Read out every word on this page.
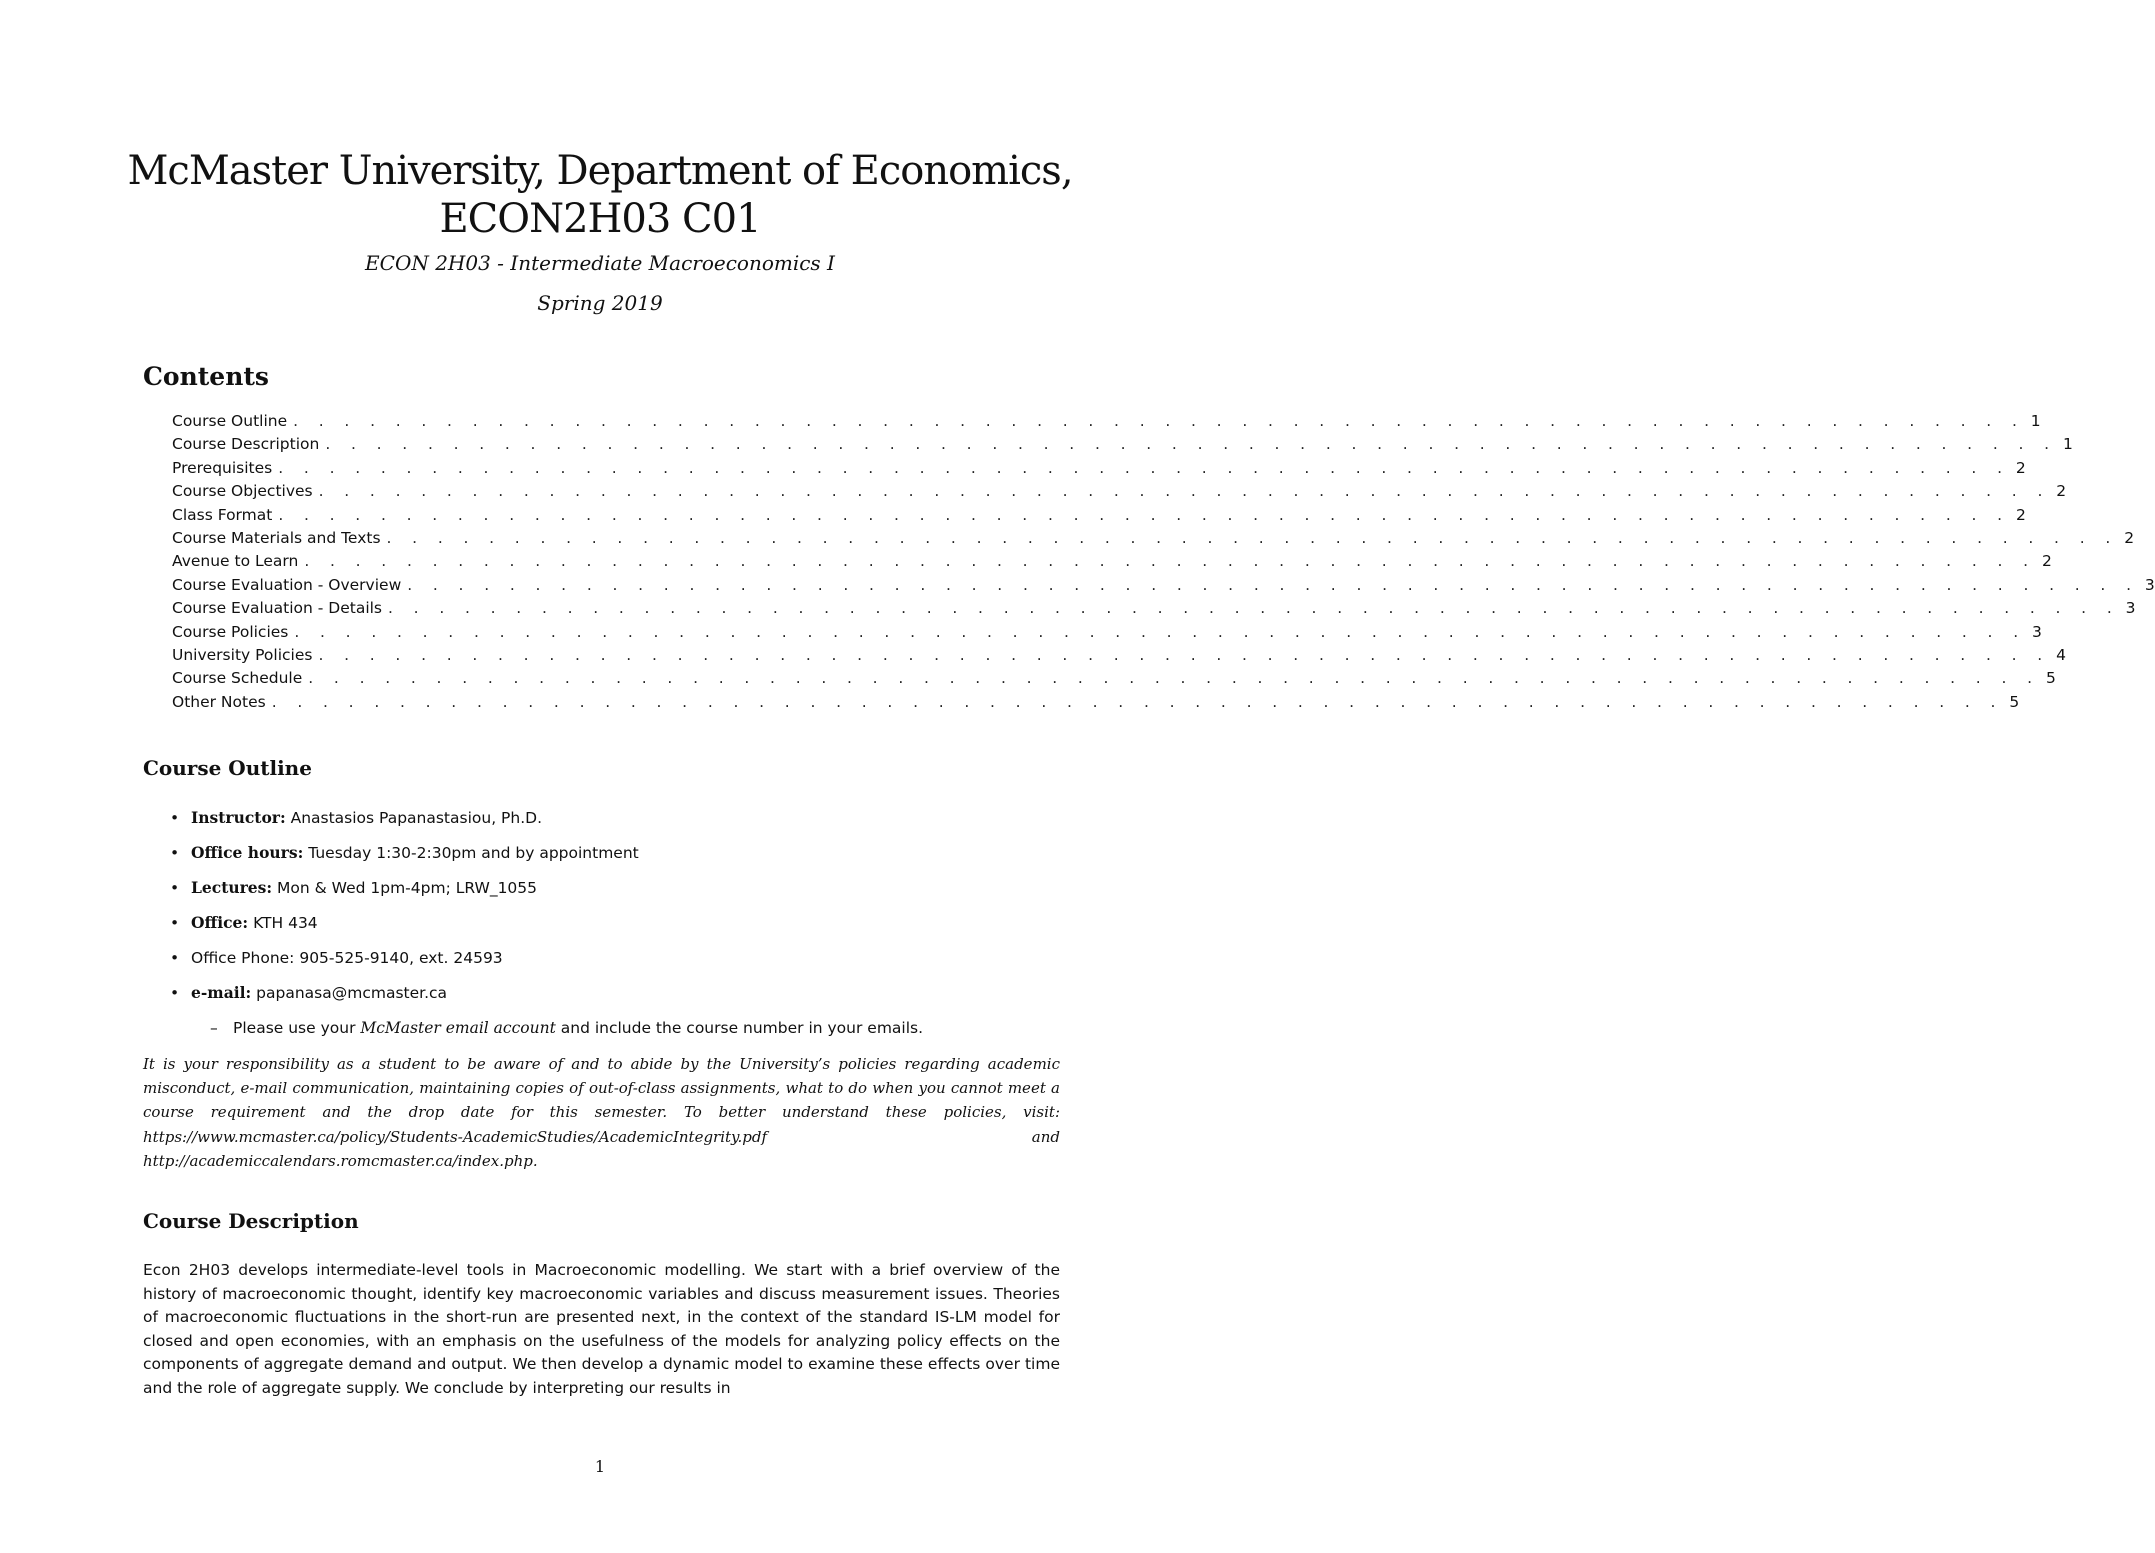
McMaster University, Department of Economics,
ECON2H03 C01
ECON 2H03 - Intermediate Macroeconomics I
Spring 2019
Contents
Course Outline . . . . . . . . . . . . . . . . . . . . . . . . . . . . . . . . . . . . . . . . . . . . . . . . . . . . . . . . . . . . . . . . . . . . 1
Course Description . . . . . . . . . . . . . . . . . . . . . . . . . . . . . . . . . . . . . . . . . . . . . . . . . . . . . . . . . . . . . . . . . . . . 1
Prerequisites . . . . . . . . . . . . . . . . . . . . . . . . . . . . . . . . . . . . . . . . . . . . . . . . . . . . . . . . . . . . . . . . . . . . 2
Course Objectives . . . . . . . . . . . . . . . . . . . . . . . . . . . . . . . . . . . . . . . . . . . . . . . . . . . . . . . . . . . . . . . . . . . . 2
Class Format . . . . . . . . . . . . . . . . . . . . . . . . . . . . . . . . . . . . . . . . . . . . . . . . . . . . . . . . . . . . . . . . . . . . 2
Course Materials and Texts . . . . . . . . . . . . . . . . . . . . . . . . . . . . . . . . . . . . . . . . . . . . . . . . . . . . . . . . . . . . . . . . . . . . 2
Avenue to Learn . . . . . . . . . . . . . . . . . . . . . . . . . . . . . . . . . . . . . . . . . . . . . . . . . . . . . . . . . . . . . . . . . . . . 2
Course Evaluation - Overview . . . . . . . . . . . . . . . . . . . . . . . . . . . . . . . . . . . . . . . . . . . . . . . . . . . . . . . . . . . . . . . . . . . . 3
Course Evaluation - Details . . . . . . . . . . . . . . . . . . . . . . . . . . . . . . . . . . . . . . . . . . . . . . . . . . . . . . . . . . . . . . . . . . . . 3
Course Policies . . . . . . . . . . . . . . . . . . . . . . . . . . . . . . . . . . . . . . . . . . . . . . . . . . . . . . . . . . . . . . . . . . . . 3
University Policies . . . . . . . . . . . . . . . . . . . . . . . . . . . . . . . . . . . . . . . . . . . . . . . . . . . . . . . . . . . . . . . . . . . . 4
Course Schedule . . . . . . . . . . . . . . . . . . . . . . . . . . . . . . . . . . . . . . . . . . . . . . . . . . . . . . . . . . . . . . . . . . . . 5
Other Notes . . . . . . . . . . . . . . . . . . . . . . . . . . . . . . . . . . . . . . . . . . . . . . . . . . . . . . . . . . . . . . . . . . . . 5
Course Outline
• Instructor: Anastasios Papanastasiou, Ph.D.
• Office hours: Tuesday 1:30-2:30pm and by appointment
• Lectures: Mon & Wed 1pm-4pm; LRW_1055
• Office: KTH 434
• Office Phone: 905-525-9140, ext. 24593
• e-mail: papanasa@mcmaster.ca
– Please use your McMaster email account and include the course number in your emails.
It is your responsibility as a student to be aware of and to abide by the University’s policies regarding academic misconduct, e-mail communication, maintaining copies of out-of-class assignments, what to do when you cannot meet a course requirement and the drop date for this semester. To better understand these policies, visit: https://www.mcmaster.ca/policy/Students-AcademicStudies/AcademicIntegrity.pdf and http://academiccalendars.romcmaster.ca/index.php.
Course Description
Econ 2H03 develops intermediate-level tools in Macroeconomic modelling. We start with a brief overview of the history of macroeconomic thought, identify key macroeconomic variables and discuss measurement issues. Theories of macroeconomic fluctuations in the short-run are presented next, in the context of the standard IS-LM model for closed and open economies, with an emphasis on the usefulness of the models for analyzing policy effects on the components of aggregate demand and output. We then develop a dynamic model to examine these effects over time and the role of aggregate supply. We conclude by interpreting our results in
1
